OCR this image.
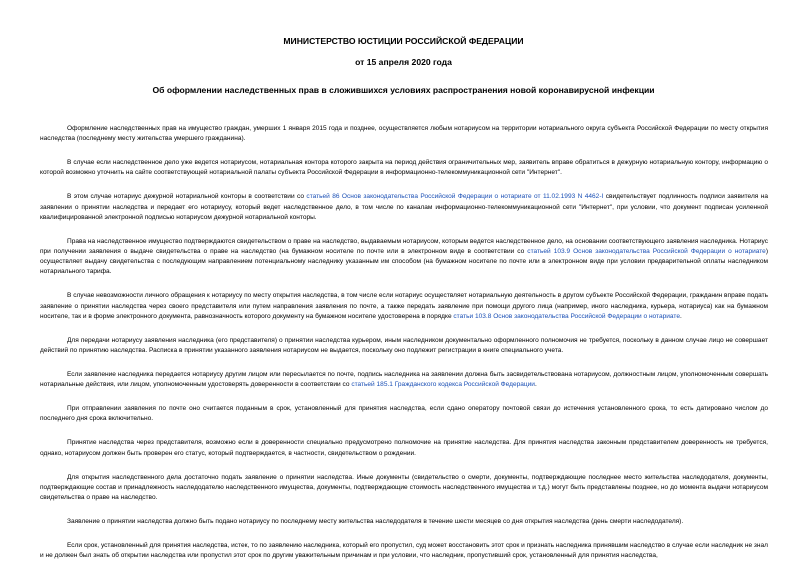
МИНИСТЕРСТВО ЮСТИЦИИ РОССИЙСКОЙ ФЕДЕРАЦИИ
от 15 апреля 2020 года
Об оформлении наследственных прав в сложившихся условиях распространения новой коронавирусной инфекции

Оформление наследственных прав на имущество граждан, умерших 1 января 2015 года и позднее, осуществляется любым нотариусом на территории нотариального округа субъекта Российской Федерации по месту открытия наследства (последнему месту жительства умершего гражданина).

В случае если наследственное дело уже ведется нотариусом, нотариальная контора которого закрыта на период действия ограничительных мер, заявитель вправе обратиться в дежурную нотариальную контору, информацию о которой возможно уточнить на сайте соответствующей нотариальной палаты субъекта Российской Федерации в информационно-телекоммуникационной сети "Интернет".

В этом случае нотариус дежурной нотариальной конторы в соответствии со статьей 86 Основ законодательства Российской Федерации о нотариате от 11.02.1993 N 4462-I свидетельствует подлинность подписи заявителя на заявлении о принятии наследства и передает его нотариусу, который ведет наследственное дело, в том числе по каналам информационно-телекоммуникационной сети "Интернет", при условии, что документ подписан усиленной квалифицированной электронной подписью нотариусом дежурной нотариальной конторы.

Права на наследственное имущество подтверждаются свидетельством о праве на наследство, выдаваемым нотариусом, которым ведется наследственное дело, на основании соответствующего заявления наследника. Нотариус при получении заявления о выдаче свидетельства о праве на наследство (на бумажном носителе по почте или в электронном виде в соответствии со статьей 103.9 Основ законодательства Российской Федерации о нотариате) осуществляет выдачу свидетельства с последующим направлением потенциальному наследнику указанным им способом (на бумажном носителе по почте или в электронном виде при условии предварительной оплаты наследником нотариального тарифа.

В случае невозможности личного обращения к нотариусу по месту открытия наследства, в том числе если нотариус осуществляет нотариальную деятельность в другом субъекте Российской Федерации, гражданин вправе подать заявление о принятии наследства через своего представителя или путем направления заявления по почте, а также передать заявление при помощи другого лица (например, иного наследника, курьера, нотариуса) как на бумажном носителе, так и в форме электронного документа, равнозначность которого документу на бумажном носителе удостоверена в порядке статьи 103.8 Основ законодательства Российской Федерации о нотариате.

Для передачи нотариусу заявления наследника (его представителя) о принятии наследства курьером, иным наследником документально оформленного полномочия не требуется, поскольку в данном случае лицо не совершает действий по принятию наследства. Расписка в принятии указанного заявления нотариусом не выдается, поскольку оно подлежит регистрации в книге специального учета.

Если заявление наследника передается нотариусу другим лицом или пересылается по почте, подпись наследника на заявлении должна быть засвидетельствована нотариусом, должностным лицом, уполномоченным совершать нотариальные действия, или лицом, уполномоченным удостоверять доверенности в соответствии со статьей 185.1 Гражданского кодекса Российской Федерации.

При отправлении заявления по почте оно считается поданным в срок, установленный для принятия наследства, если сдано оператору почтовой связи до истечения установленного срока, то есть датировано числом до последнего дня срока включительно.

Принятие наследства через представителя, возможно если в доверенности специально предусмотрено полномочие на принятие наследства. Для принятия наследства законным представителем доверенность не требуется, однако, нотариусом должен быть проверен его статус, который подтверждается, в частности, свидетельством о рождении.

Для открытия наследственного дела достаточно подать заявление о принятии наследства. Иные документы (свидетельство о смерти, документы, подтверждающие последнее место жительства наследодателя, документы, подтверждающие состав и принадлежность наследодателю наследственного имущества, документы, подтверждающие стоимость наследственного имущества и т.д.) могут быть представлены позднее, но до момента выдачи нотариусом свидетельства о праве на наследство.

Заявление о принятии наследства должно быть подано нотариусу по последнему месту жительства наследодателя в течение шести месяцев со дня открытия наследства (день смерти наследодателя).

Если срок, установленный для принятия наследства, истек, то по заявлению наследника, который его пропустил, суд может восстановить этот срок и признать наследника принявшим наследство в случае если наследник не знал и не должен был знать об открытии наследства или пропустил этот срок по другим уважительным причинам и при условии, что наследник, пропустивший срок, установленный для принятия наследства,
